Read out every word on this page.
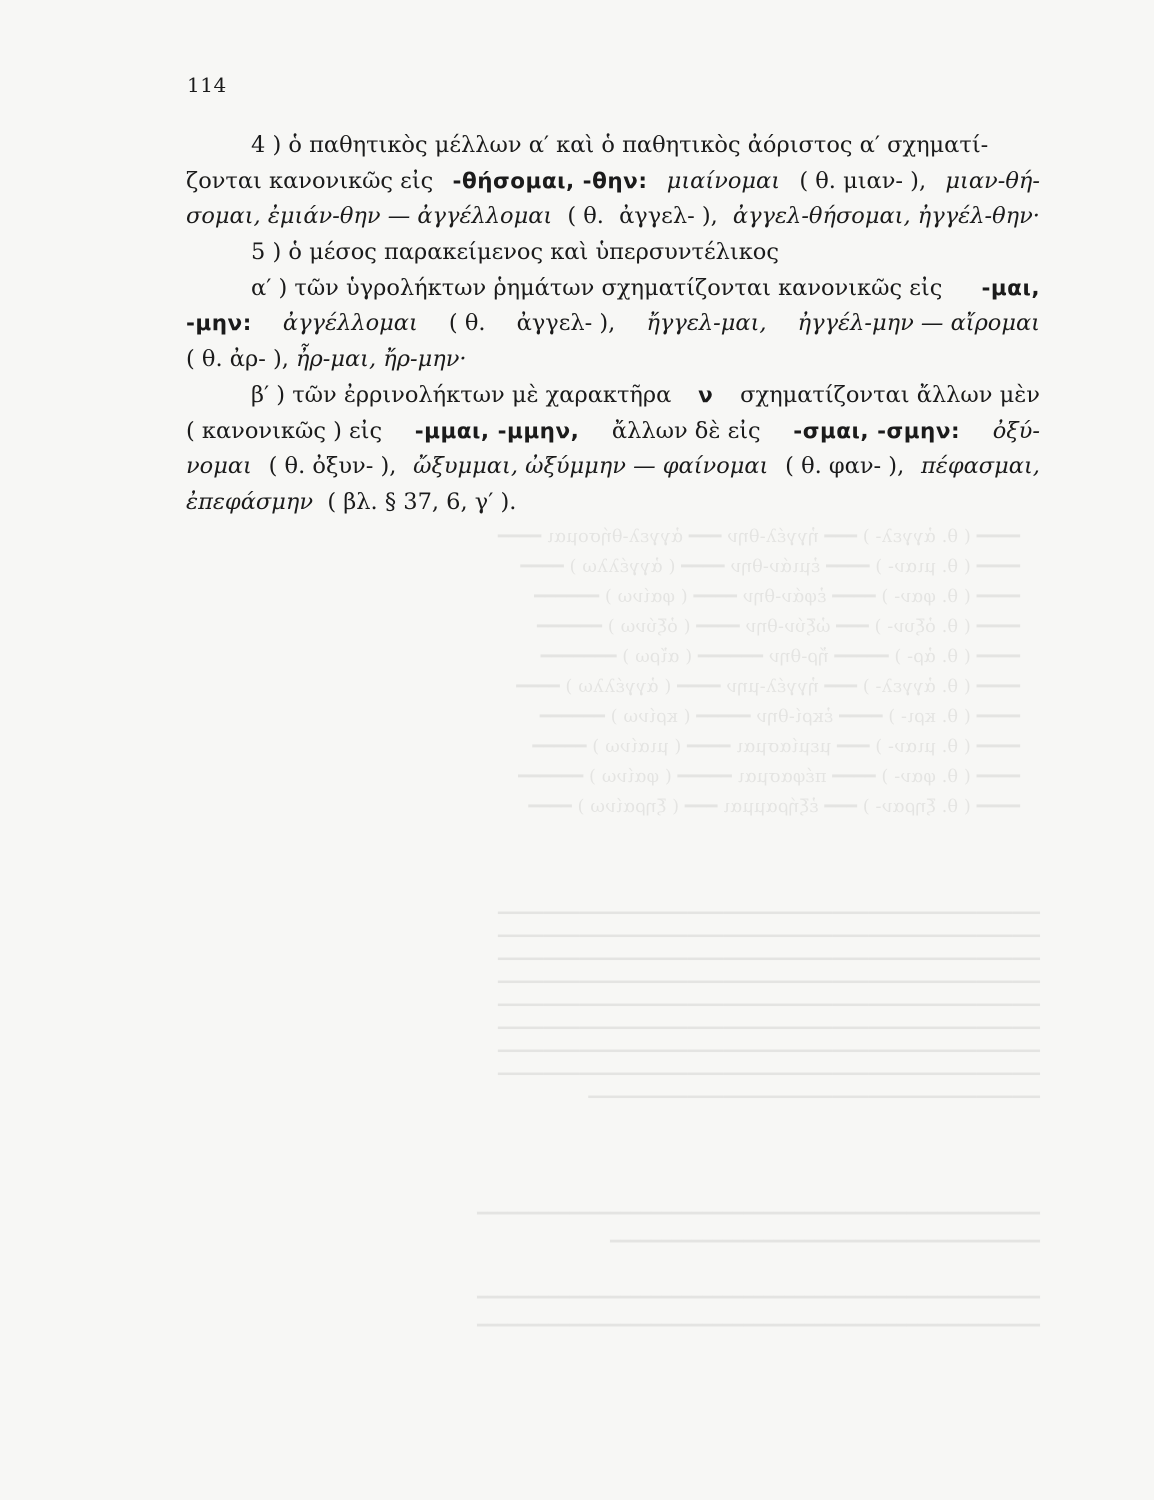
━━━━ ( θ. ἀγγελ- ) ━━━ ἠγγέλ-θην ━━━ ἀγγελ-θήσομαι ━━━━
━━━━ ( θ. μιαν- ) ━━━━ ἐμιάν-θην ━━━━ ( ἀγγέλλω ) ━━━━
━━━━ ( θ. φαν- ) ━━━━ ἐφάν-θην ━━━━ ( φαίνω ) ━━━━━━
━━━━ ( θ. ὀξυν- ) ━━━ ὠξύν-θην ━━━━ ( ὀξύνω ) ━━━━━━
━━━━ ( θ. ἀρ- ) ━━━━━ ἤρ-θην ━━━━━━ ( αἴρω ) ━━━━━━━
━━━━ ( θ. ἀγγελ- ) ━━━ ἠγγέλ-μην ━━━━ ( ἀγγέλλω ) ━━━━
━━━━ ( θ. κρι- ) ━━━━ ἐκρί-θην ━━━━━ ( κρίνω ) ━━━━━━
━━━━ ( θ. μιαν- ) ━━━ μεμίασμαι ━━━━ ( μιαίνω ) ━━━━━
━━━━ ( θ. φαν- ) ━━━━ πέφασμαι ━━━━━ ( φαίνω ) ━━━━━━
━━━━ ( θ. ξηραν- ) ━━━ ἐξήραμμαι ━━━ ( ξηραίνω ) ━━━━
━━━━━━━━━━━━━━━━━━━━━━━━━━━━━━━━━━━━━━━━━━━━━━━━━━━━━━━━━━━━
━━━━━━━━━━━━━━━━━━━━━━━━━━━━━━━━━━━━━━━━━━━━━━━━━━━━━━━━━━━━
━━━━━━━━━━━━━━━━━━━━━━━━━━━━━━━━━━━━━━━━━━━━━━━━━━━━━━━━━━━━
━━━━━━━━━━━━━━━━━━━━━━━━━━━━━━━━━━━━━━━━━━━━━━━━━━━━━━━━━━━━
━━━━━━━━━━━━━━━━━━━━━━━━━━━━━━━━━━━━━━━━━━━━━━━━━━━━━━━━━━━━
━━━━━━━━━━━━━━━━━━━━━━━━━━━━━━━━━━━━━━━━━━━━━━━━━━━━━━━━━━━━
━━━━━━━━━━━━━━━━━━━━━━━━━━━━━━━━━━━━━━━━━━━━━━━━━━━━━━━━━━━━
━━━━━━━━━━━━━━━━━━━━━━━━━━━━━━━━━━━━━━━━━━━━━━━━━━━━━━━━━━━━
━━━━━━━━━━━━━━━━━━━━━━━━━━━━━━━━━━━━━━━━━━━━━━━━━━
━━━━━━━━━━━━━━━━━━━━━━━━━━━━━━━━━━━━━━━━━━━━━━━━━━━━━━━
━━━━━━━━━━━━━━━━━━━━━━━━━━━━━━━━━━━━━━━━━━

━━━━━━━━━━━━━━━━━━━━━━━━━━━━━━━━━━━━━━━━━━━━━━━━━━━━━━━
━━━━━━━━━━━━━━━━━━━━━━━━━━━━━━━━━━━━━━━━━━━━━━━━━━━━━━━
114
4 ) ὁ παθητικὸς μέλλων α′ καὶ ὁ παθητικὸς ἀόριστος α′ σχηματί-
ζονται κανονικῶς εἰς -θήσομαι, -θην: μιαίνομαι ( θ. μιαν- ), μιαν-θή-
σομαι, ἐμιάν-θην — ἀγγέλλομαι ( θ. ἀγγελ- ), ἀγγελ-θήσομαι, ἠγγέλ-θην·
5 ) ὁ μέσος παρακείμενος καὶ ὑπερσυντέλικος
α′ ) τῶν ὑγρολήκτων ῥημάτων σχηματίζονται κανονικῶς εἰς -μαι,
-μην: ἀγγέλλομαι ( θ. ἀγγελ- ), ἤγγελ-μαι, ἠγγέλ-μην — αἴρομαι
( θ. ἀρ- ),
ἦρ-μαι, ἤρ-μην·
β′ ) τῶν ἐρρινολήκτων μὲ χαρακτῆρα ν σχηματίζονται ἄλλων μὲν
( κανονικῶς ) εἰς -μμαι, -μμην, ἄλλων δὲ εἰς -σμαι, -σμην: ὀξύ-
νομαι ( θ. ὀξυν- ), ὤξυμμαι, ὠξύμμην — φαίνομαι ( θ. φαν- ), πέφασμαι,
ἐπεφάσμην
( βλ. § 37, 6, γ′ ).
